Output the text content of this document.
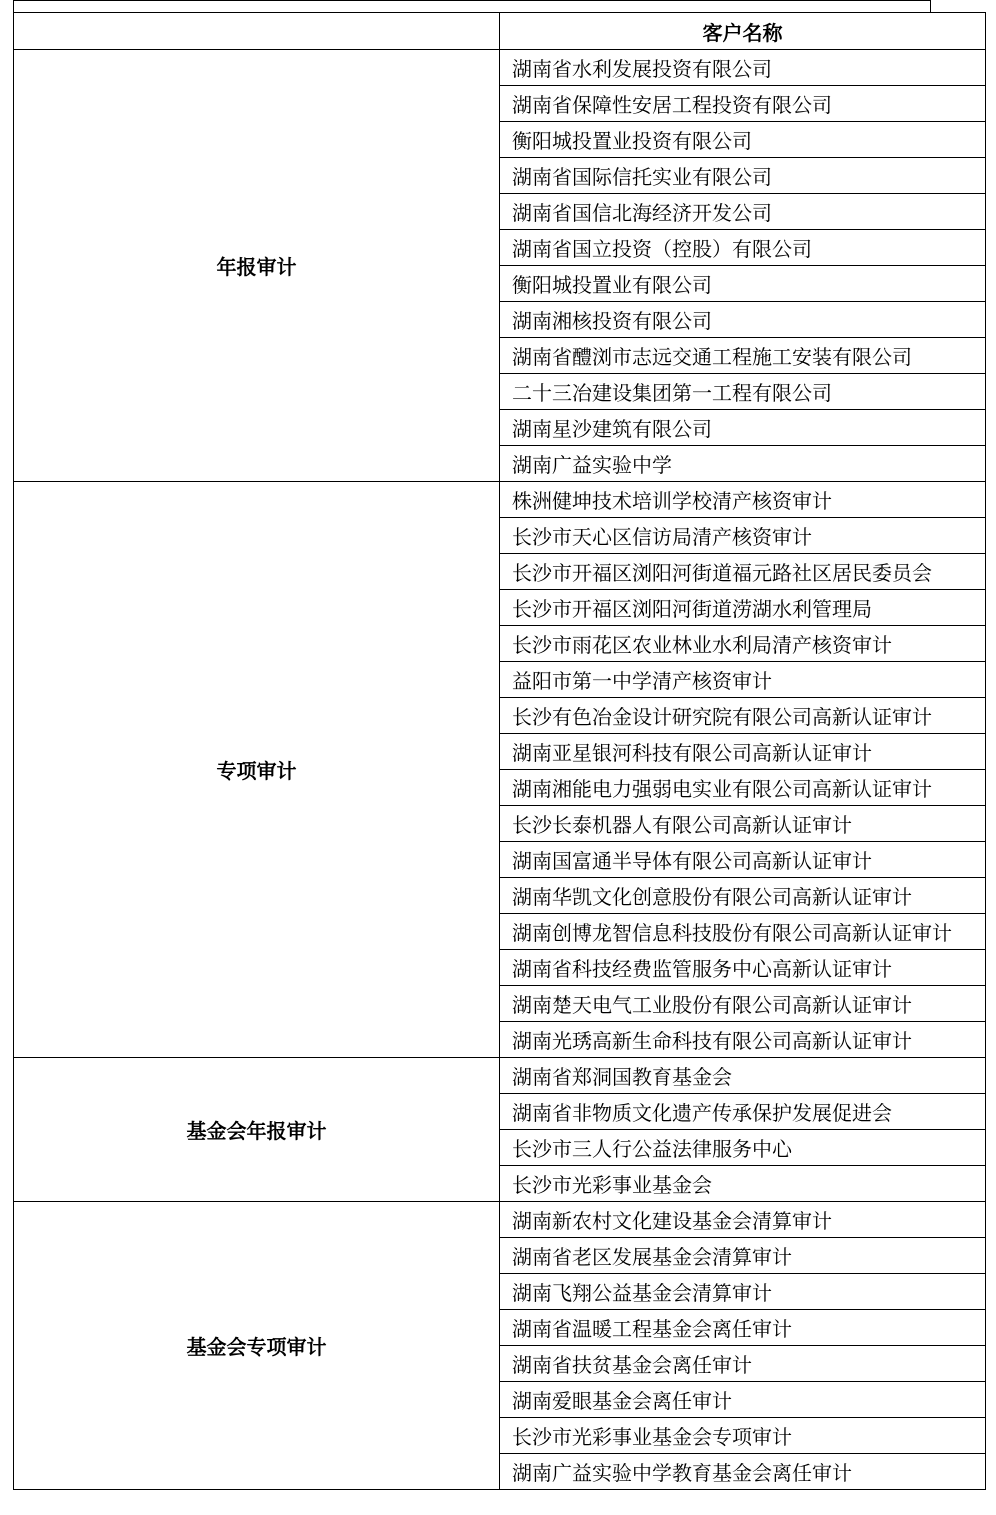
	客户名称
年报审计	湖南省水利发展投资有限公司
	湖南省保障性安居工程投资有限公司
	衡阳城投置业投资有限公司
	湖南省国际信托实业有限公司
	湖南省国信北海经济开发公司
	湖南省国立投资（控股）有限公司
	衡阳城投置业有限公司
	湖南湘核投资有限公司
	湖南省醴浏市志远交通工程施工安装有限公司
	二十三冶建设集团第一工程有限公司
	湖南星沙建筑有限公司
	湖南广益实验中学
专项审计	株洲健坤技术培训学校清产核资审计
	长沙市天心区信访局清产核资审计
	长沙市开福区浏阳河街道福元路社区居民委员会
	长沙市开福区浏阳河街道涝湖水利管理局
	长沙市雨花区农业林业水利局清产核资审计
	益阳市第一中学清产核资审计
	长沙有色冶金设计研究院有限公司高新认证审计
	湖南亚星银河科技有限公司高新认证审计
	湖南湘能电力强弱电实业有限公司高新认证审计
	长沙长泰机器人有限公司高新认证审计
	湖南国富通半导体有限公司高新认证审计
	湖南华凯文化创意股份有限公司高新认证审计
	湖南创博龙智信息科技股份有限公司高新认证审计
	湖南省科技经费监管服务中心高新认证审计
	湖南楚天电气工业股份有限公司高新认证审计
	湖南光琇高新生命科技有限公司高新认证审计
基金会年报审计	湖南省郑洞国教育基金会
	湖南省非物质文化遗产传承保护发展促进会
	长沙市三人行公益法律服务中心
	长沙市光彩事业基金会
基金会专项审计	湖南新农村文化建设基金会清算审计
	湖南省老区发展基金会清算审计
	湖南飞翔公益基金会清算审计
	湖南省温暖工程基金会离任审计
	湖南省扶贫基金会离任审计
	湖南爱眼基金会离任审计
	长沙市光彩事业基金会专项审计
	湖南广益实验中学教育基金会离任审计
